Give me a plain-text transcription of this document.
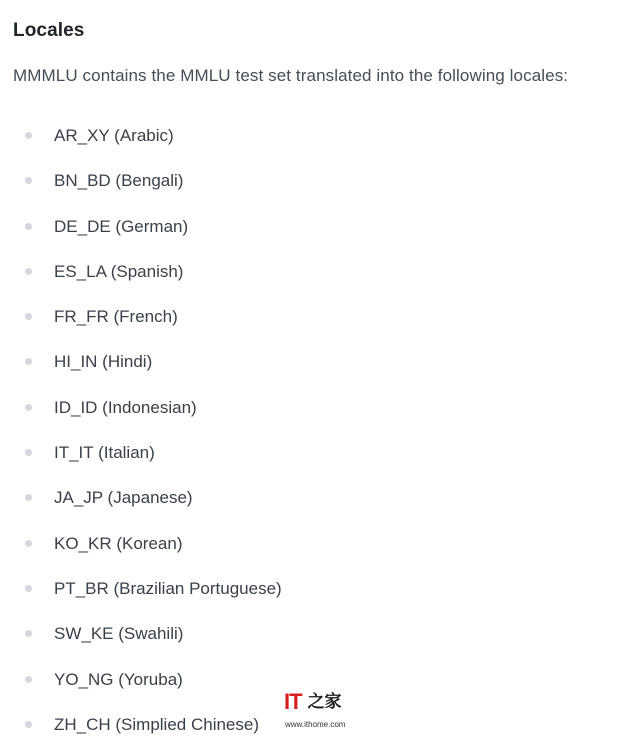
Locales

MMMLU contains the MMLU test set translated into the following locales:

AR_XY (Arabic)
BN_BD (Bengali)
DE_DE (German)
ES_LA (Spanish)
FR_FR (French)
HI_IN (Hindi)
ID_ID (Indonesian)
IT_IT (Italian)
JA_JP (Japanese)
KO_KR (Korean)
PT_BR (Brazilian Portuguese)
SW_KE (Swahili)
YO_NG (Yoruba)
ZH_CH (Simplied Chinese)
IT 之家
www.ithome.com
